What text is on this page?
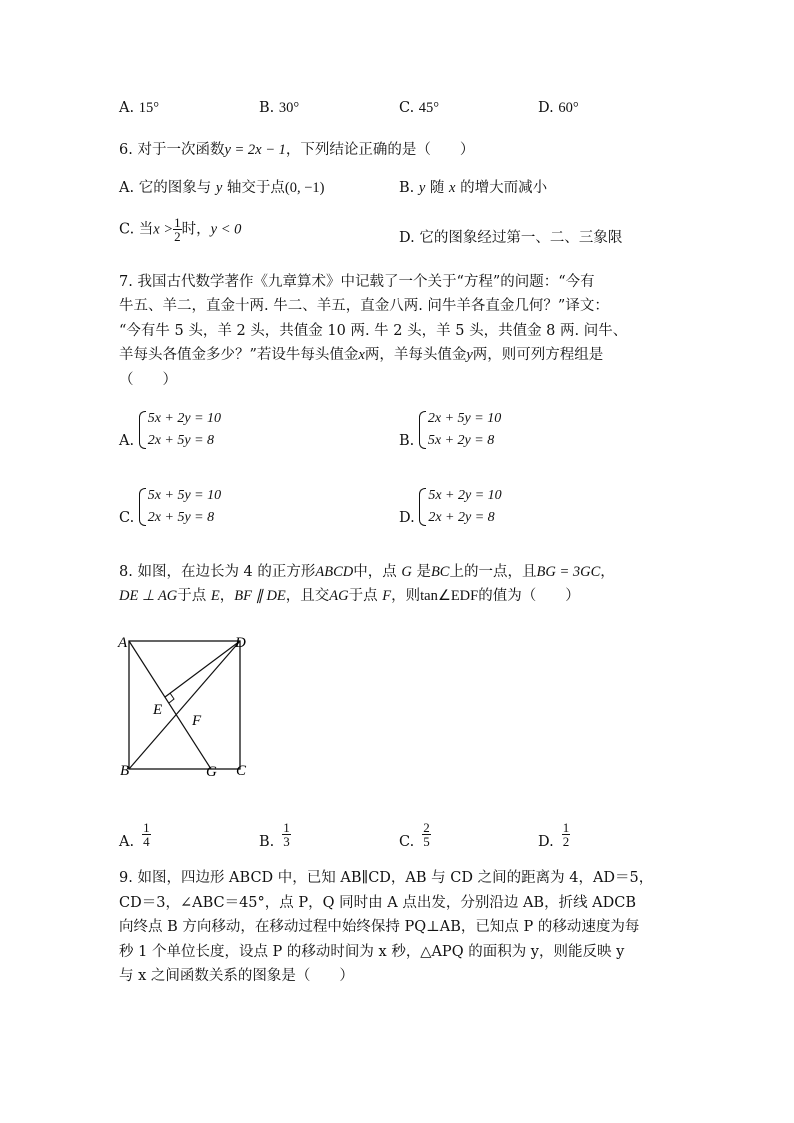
A. 15°	B. 30°	C. 45°	D. 60°
6. 对于一次函数y = 2x − 1，下列结论正确的是（　　）
A. 它的图象与 y 轴交于点(0, −1)	B. y 随 x 的增大而减小
C. 当$x > \frac{1}{2}$ 时，y < 0
D. 它的图象经过第一、二、三象限
7. 我国古代数学著作《九章算术》中记载了一个关于“方程”的问题：“今有
牛五、羊二，直金十两. 牛二、羊五，直金八两. 问牛羊各直金几何？”译文：
“今有牛 5 头，羊 2 头，共值金 10 两. 牛 2 头，羊 5 头，共值金 8 两. 问牛、
羊每头各值金多少？”若设牛每头值金x两，羊每头值金y两，则可列方程组是
（　　）
A.
5x + 2y = 10
2x + 5y = 8	B.
2x + 5y = 10
5x + 2y = 8
C.
5x + 5y = 10
2x + 5y = 8	D.
5x + 2y = 10
2x + 2y = 8
8. 如图，在边长为 4 的正方形ABCD中，点 G 是BC上的一点，且BG = 3GC，
DE ⊥ AG于点 E，BF ∥ DE，且交AG于点 F，则tan∠EDF的值为（　　）
A	D
E
F
B	G C
A. $\frac{1}{4}$	B. $\frac{1}{3}$	C. $\frac{2}{5}$	D. $\frac{1}{2}$
9. 如图，四边形 ABCD 中，已知 AB∥CD，AB 与 CD 之间的距离为 4，AD＝5，
CD＝3，∠ABC＝45°，点 P，Q 同时由 A 点出发，分别沿边 AB，折线 ADCB
向终点 B 方向移动，在移动过程中始终保持 PQ⊥AB，已知点 P 的移动速度为每
秒 1 个单位长度，设点 P 的移动时间为 x 秒，△APQ 的面积为 y，则能反映 y
与 x 之间函数关系的图象是（　　）
